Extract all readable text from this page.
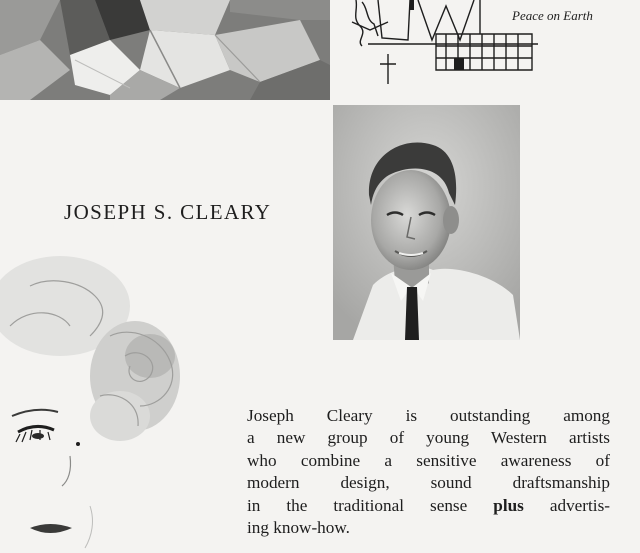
Peace on Earth
JOSEPH S. CLEARY
Joseph Cleary is outstanding among
a new group of young Western artists
who combine a sensitive awareness of
modern design, sound draftsmanship
in the traditional sense plus advertis-
ing know-how.
